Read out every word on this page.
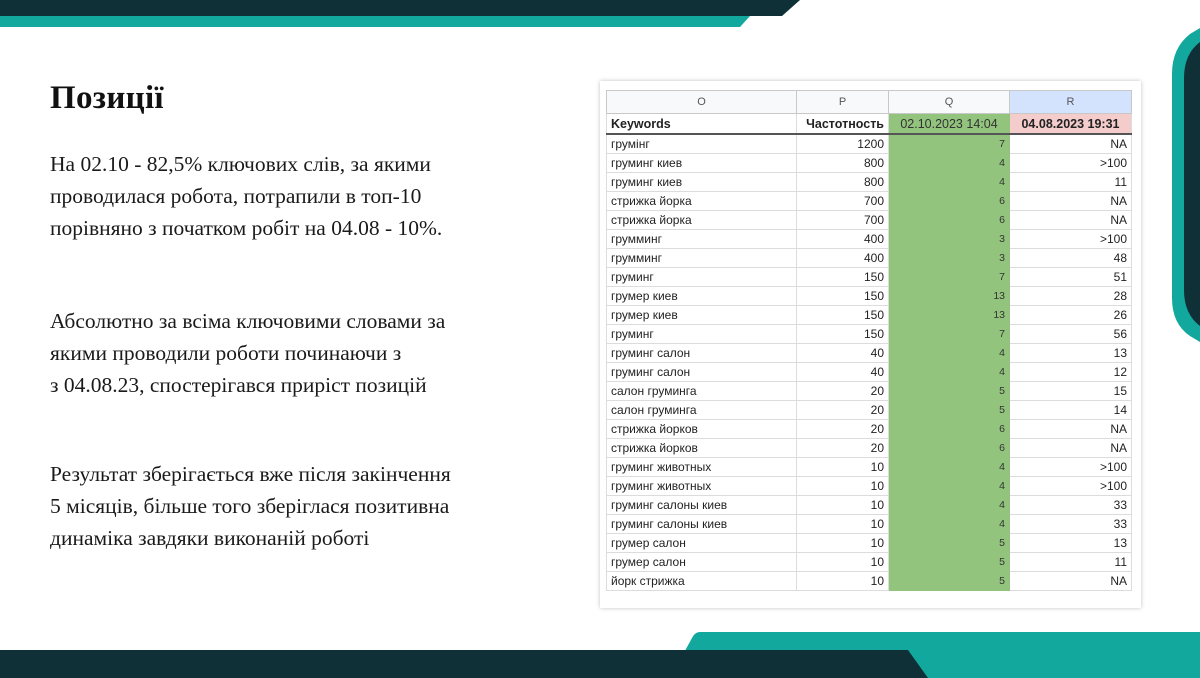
Позиції
На 02.10 - 82,5% ключових слів, за якими
проводилася робота, потрапили в топ-10
порівняно з початком робіт на 04.08 - 10%.
Абсолютно за всіма ключовими словами за
якими проводили роботи починаючи з
з 04.08.23, спостерігався приріст позицій
Результат зберігається вже після закінчення
5 місяців, більше того зберіглася позитивна
динаміка завдяки виконаній роботі
O	P	Q	R
Keywords	Частотность	02.10.2023 14:04	04.08.2023 19:31
грумінг	1200	7	NA
груминг киев	800	4	>100
груминг киев	800	4	11
стрижка йорка	700	6	NA
стрижка йорка	700	6	NA
грумминг	400	3	>100
грумминг	400	3	48
груминг	150	7	51
грумер киев	150	13	28
грумер киев	150	13	26
груминг	150	7	56
груминг салон	40	4	13
груминг салон	40	4	12
салон груминга	20	5	15
салон груминга	20	5	14
стрижка йорков	20	6	NA
стрижка йорков	20	6	NA
груминг животных	10	4	>100
груминг животных	10	4	>100
груминг салоны киев	10	4	33
груминг салоны киев	10	4	33
грумер салон	10	5	13
грумер салон	10	5	11
йорк стрижка	10	5	NA
